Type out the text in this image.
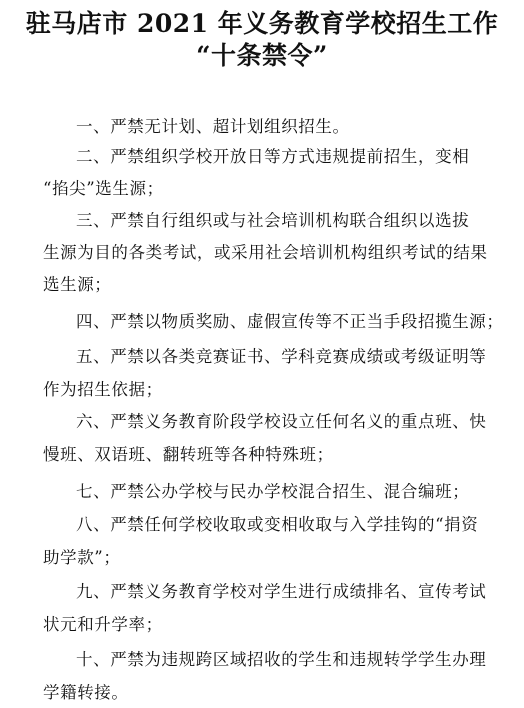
驻马店市 2021 年义务教育学校招生工作
“十条禁令”
一、严禁无计划、超计划组织招生。
二、严禁组织学校开放日等方式违规提前招生，变相
“掐尖”选生源；
三、严禁自行组织或与社会培训机构联合组织以选拔
生源为目的各类考试，或采用社会培训机构组织考试的结果
选生源；
四、严禁以物质奖励、虚假宣传等不正当手段招揽生源；
五、严禁以各类竞赛证书、学科竞赛成绩或考级证明等
作为招生依据；
六、严禁义务教育阶段学校设立任何名义的重点班、快
慢班、双语班、翻转班等各种特殊班；
七、严禁公办学校与民办学校混合招生、混合编班；
八、严禁任何学校收取或变相收取与入学挂钩的“捐资
助学款”；
九、严禁义务教育学校对学生进行成绩排名、宣传考试
状元和升学率；
十、严禁为违规跨区域招收的学生和违规转学学生办理
学籍转接。
